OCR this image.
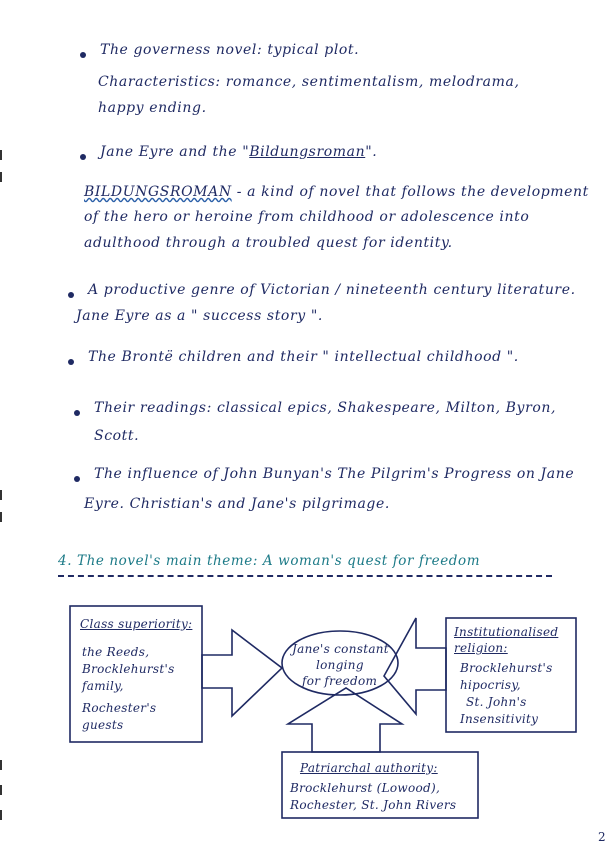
The governess novel: typical plot.
Characteristics: romance, sentimentalism, melodrama,
happy ending.
Jane Eyre and the "Bildungsroman".
BILDUNGSROMAN - a kind of novel that follows the development
of the hero or heroine from childhood or adolescence into
adulthood through a troubled quest for identity.
A productive genre of Victorian / nineteenth century literature.
Jane Eyre as a " success story ".
The Brontë children and their " intellectual childhood ".
Their readings: classical epics, Shakespeare, Milton, Byron,
Scott.
The influence of John Bunyan's The Pilgrim's Progress on Jane
Eyre. Christian's and Jane's pilgrimage.
4. The novel's main theme: A woman's quest for freedom
Class superiority:
the Reeds,
Brocklehurst's
family,
Rochester's
guests
Jane's constant
longing
for freedom
Institutionalised
religion:
Brocklehurst's
hipocrisy,
St. John's
Insensitivity
Patriarchal authority:
Brocklehurst (Lowood),
Rochester, St. John Rivers
2
